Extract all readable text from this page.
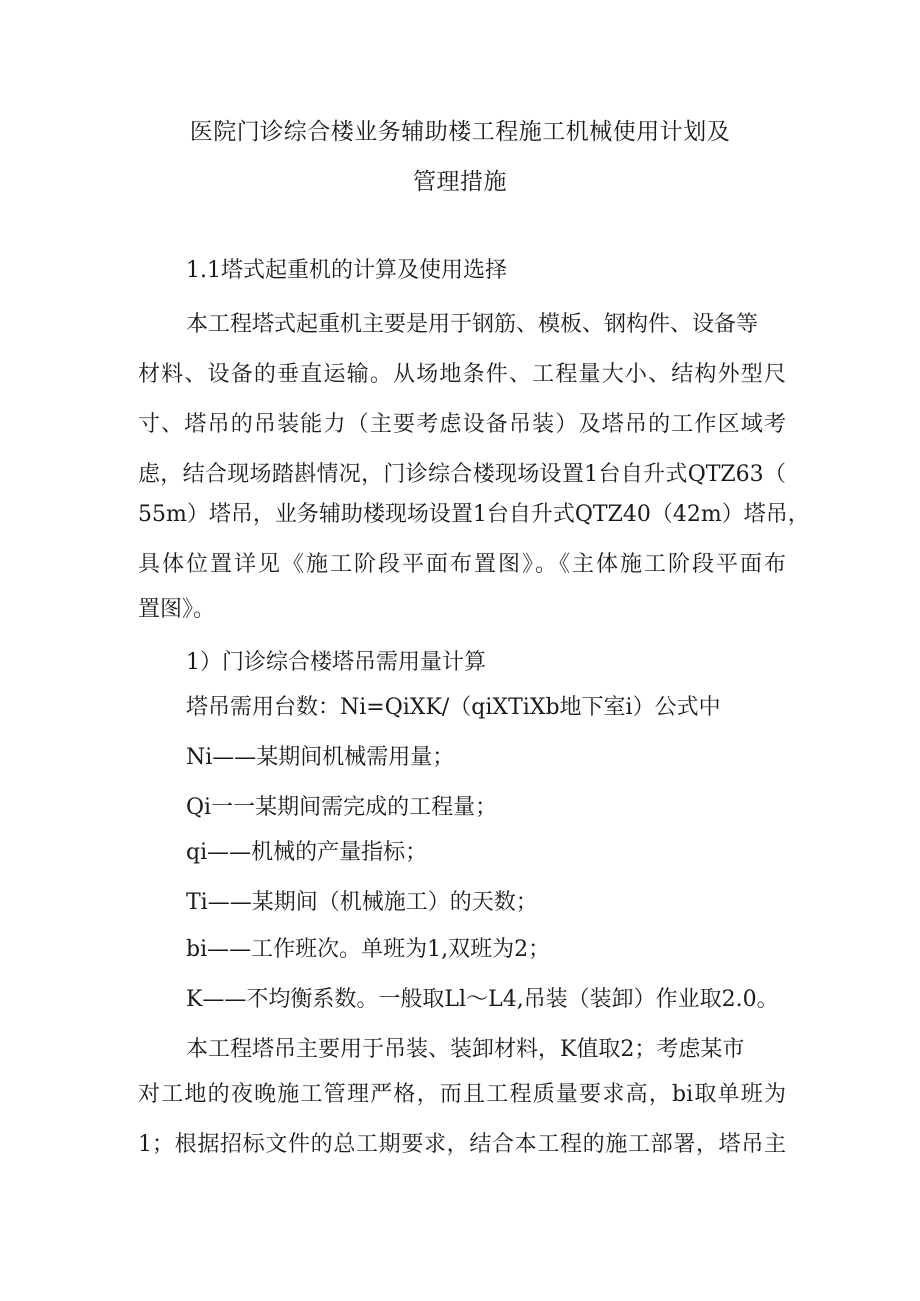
医院门诊综合楼业务辅助楼工程施工机械使用计划及
管理措施
1.1塔式起重机的计算及使用选择
本工程塔式起重机主要是用于钢筋、模板、钢构件、设备等
材料、设备的垂直运输。从场地条件、工程量大小、结构外型尺
寸、塔吊的吊装能力（主要考虑设备吊装）及塔吊的工作区域考
虑，结合现场踏斟情况，门诊综合楼现场设置1台自升式QTZ63（
55m）塔吊，业务辅助楼现场设置1台自升式QTZ40（42m）塔吊，
具体位置详见《施工阶段平面布置图》。《主体施工阶段平面布
置图》。
1）门诊综合楼塔吊需用量计算
塔吊需用台数：Ni=QiXK/（qiXTiXb地下室i）公式中
Ni——某期间机械需用量；
Qi一一某期间需完成的工程量；
qi——机械的产量指标；
Ti——某期间（机械施工）的天数；
bi——工作班次。单班为1,双班为2；
K——不均衡系数。一般取Ll～L4,吊装（装卸）作业取2.0。
本工程塔吊主要用于吊装、装卸材料，K值取2；考虑某市
对工地的夜晚施工管理严格，而且工程质量要求高，bi取单班为
1；根据招标文件的总工期要求，结合本工程的施工部署，塔吊主
